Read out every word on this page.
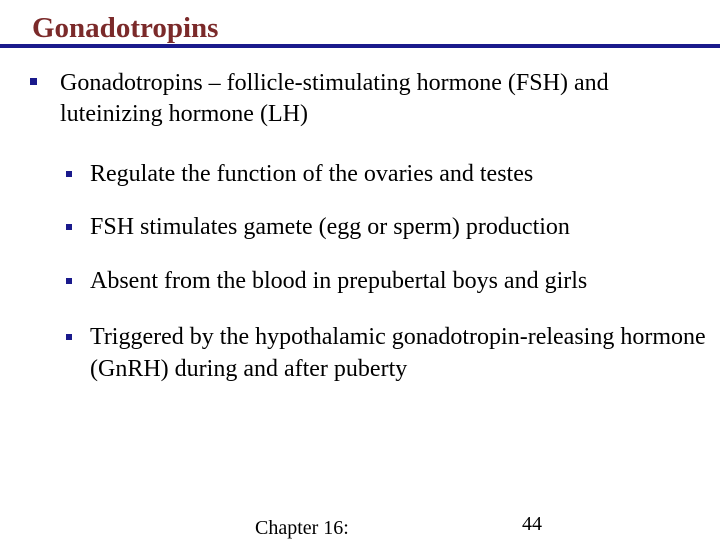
Gonadotropins
Gonadotropins – follicle-stimulating hormone (FSH) and luteinizing hormone (LH)
Regulate the function of the ovaries and testes
FSH stimulates gamete (egg or sperm) production
Absent from the blood in prepubertal boys and girls
Triggered by the hypothalamic gonadotropin-releasing hormone (GnRH) during and after puberty
Chapter 16:	44
